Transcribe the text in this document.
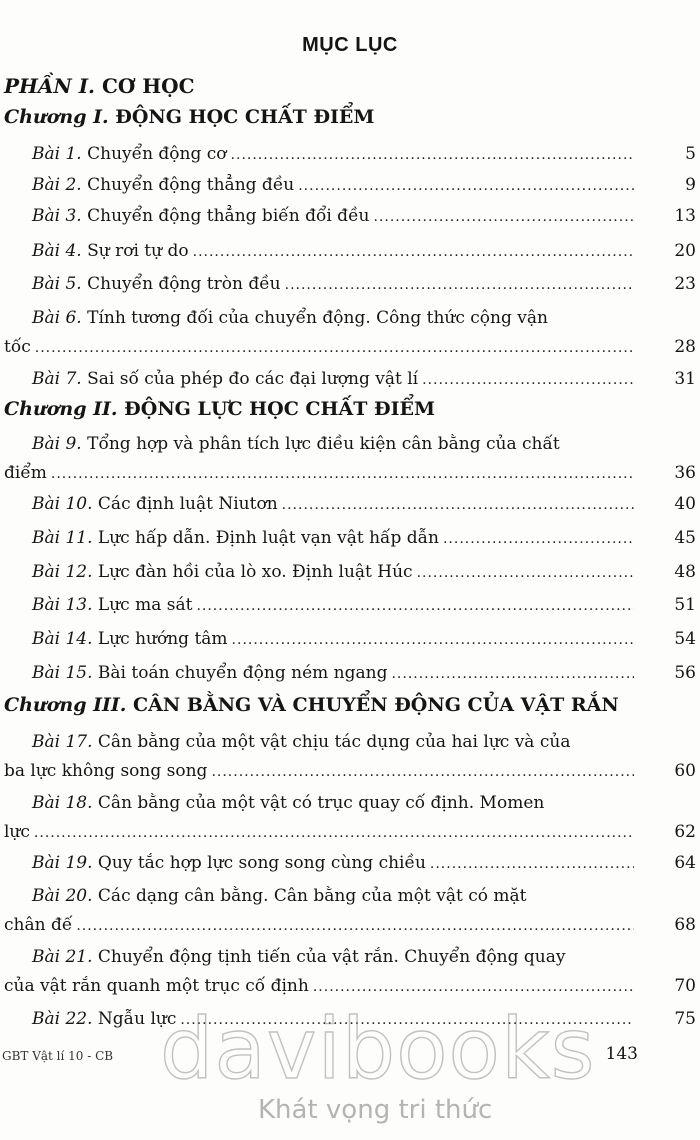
MỤC LỤC
PHẦN I. CƠ HỌC
Chương I. ĐỘNG HỌC CHẤT ĐIỂM
Bài 1. Chuyển động cơ .....	5
Bài 2. Chuyển động thẳng đều .....	9
Bài 3. Chuyển động thẳng biến đổi đều .....	13
Bài 4. Sự rơi tự do .....	20
Bài 5. Chuyển động tròn đều .....	23
Bài 6. Tính tương đối của chuyển động. Công thức cộng vận
tốc .....	28
Bài 7. Sai số của phép đo các đại lượng vật lí .....	31
Chương II. ĐỘNG LỰC HỌC CHẤT ĐIỂM
Bài 9. Tổng hợp và phân tích lực điều kiện cân bằng của chất
điểm .....	36
Bài 10. Các định luật Niutơn .....	40
Bài 11. Lực hấp dẫn. Định luật vạn vật hấp dẫn .....	45
Bài 12. Lực đàn hồi của lò xo. Định luật Húc .....	48
Bài 13. Lực ma sát .....	51
Bài 14. Lực hướng tâm .....	54
Bài 15. Bài toán chuyển động ném ngang .....	56
Chương III. CÂN BẰNG VÀ CHUYỂN ĐỘNG CỦA VẬT RẮN
Bài 17. Cân bằng của một vật chịu tác dụng của hai lực và của
ba lực không song song .....	60
Bài 18. Cân bằng của một vật có trục quay cố định. Momen
lực .....	62
Bài 19. Quy tắc hợp lực song song cùng chiều .....	64
Bài 20. Các dạng cân bằng. Cân bằng của một vật có mặt
chân đế .....	68
Bài 21. Chuyển động tịnh tiến của vật rắn. Chuyển động quay
của vật rắn quanh một trục cố định .....	70
Bài 22. Ngẫu lực .....	75
davibooks
Khát vọng tri thức
GBT Vật lí 10 - CB	143
